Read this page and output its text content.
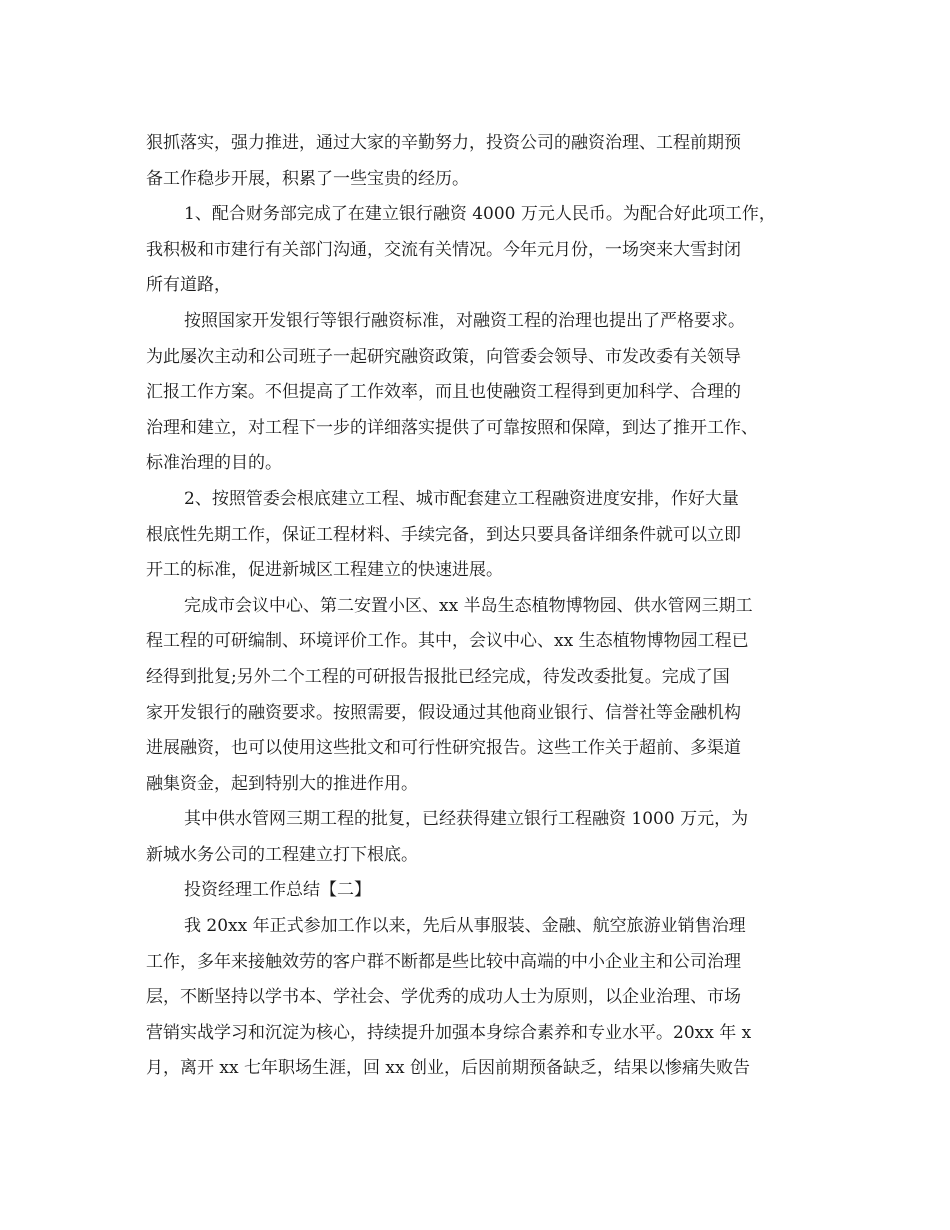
狠抓落实，强力推进，通过大家的辛勤努力，投资公司的融资治理、工程前期预
备工作稳步开展，积累了一些宝贵的经历。
1、配合财务部完成了在建立银行融资 4000 万元人民币。为配合好此项工作，
我积极和市建行有关部门沟通，交流有关情况。今年元月份，一场突来大雪封闭
所有道路，
按照国家开发银行等银行融资标准，对融资工程的治理也提出了严格要求。
为此屡次主动和公司班子一起研究融资政策，向管委会领导、市发改委有关领导
汇报工作方案。不但提高了工作效率，而且也使融资工程得到更加科学、合理的
治理和建立，对工程下一步的详细落实提供了可靠按照和保障，到达了推开工作、
标准治理的目的。
2、按照管委会根底建立工程、城市配套建立工程融资进度安排，作好大量
根底性先期工作，保证工程材料、手续完备，到达只要具备详细条件就可以立即
开工的标准，促进新城区工程建立的快速进展。
完成市会议中心、第二安置小区、xx 半岛生态植物博物园、供水管网三期工
程工程的可研编制、环境评价工作。其中，会议中心、xx 生态植物博物园工程已
经得到批复;另外二个工程的可研报告报批已经完成，待发改委批复。完成了国
家开发银行的融资要求。按照需要，假设通过其他商业银行、信誉社等金融机构
进展融资，也可以使用这些批文和可行性研究报告。这些工作关于超前、多渠道
融集资金，起到特别大的推进作用。
其中供水管网三期工程的批复，已经获得建立银行工程融资 1000 万元，为
新城水务公司的工程建立打下根底。
投资经理工作总结【二】
我 20xx 年正式参加工作以来，先后从事服装、金融、航空旅游业销售治理
工作，多年来接触效劳的客户群不断都是些比较中高端的中小企业主和公司治理
层，不断坚持以学书本、学社会、学优秀的成功人士为原则，以企业治理、市场
营销实战学习和沉淀为核心，持续提升加强本身综合素养和专业水平。20xx 年 x
月，离开 xx 七年职场生涯，回 xx 创业，后因前期预备缺乏，结果以惨痛失败告
